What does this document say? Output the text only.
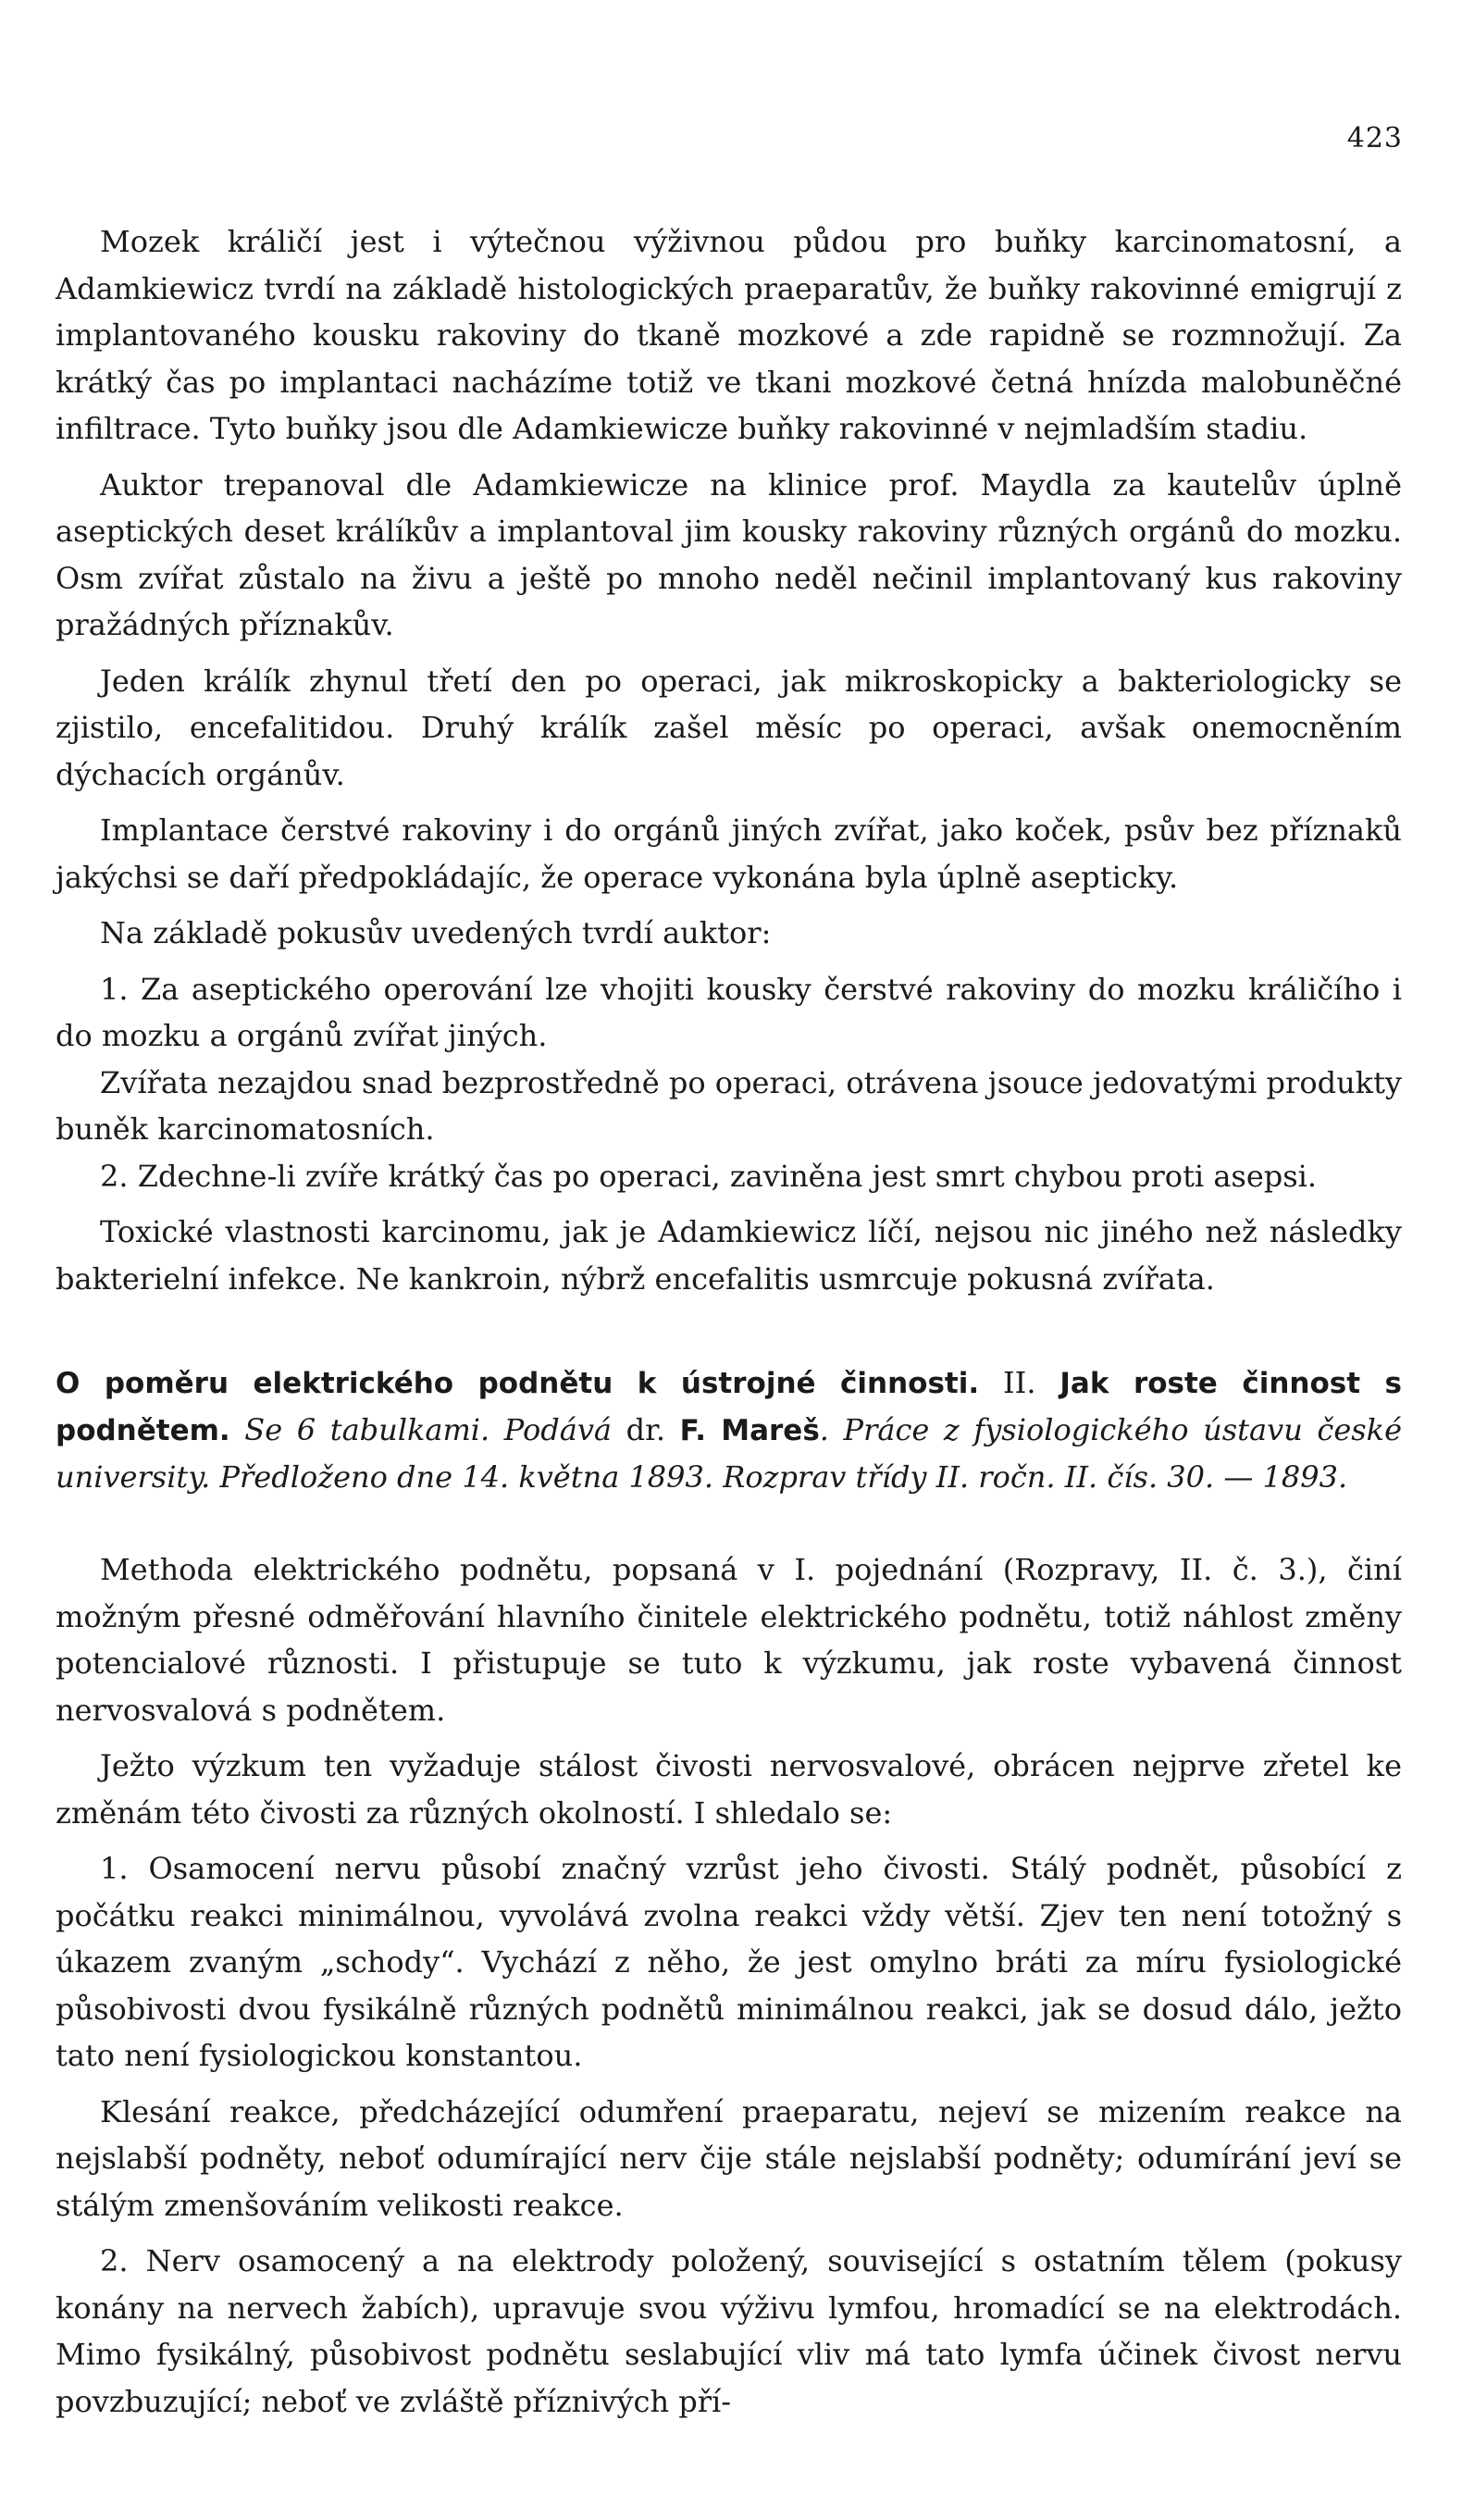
423

Mozek králičí jest i výtečnou výživnou půdou pro buňky karcinomatosní, a Adamkiewicz tvrdí na základě histologických praeparatův, že buňky rakovinné emigrují z implantovaného kousku rakoviny do tkaně mozkové a zde rapidně se rozmnožují. Za krátký čas po implantaci nacházíme totiž ve tkani mozkové četná hnízda malobuněčné infiltrace. Tyto buňky jsou dle Adamkiewicze buňky rakovinné v nejmladším stadiu.

Auktor trepanoval dle Adamkiewicze na klinice prof. Maydla za kautelův úplně aseptických deset králíkův a implantoval jim kousky rakoviny různých orgánů do mozku. Osm zvířat zůstalo na živu a ještě po mnoho neděl nečinil implantovaný kus rakoviny pražádných příznakův.

Jeden králík zhynul třetí den po operaci, jak mikroskopicky a bakteriologicky se zjistilo, encefalitidou. Druhý králík zašel měsíc po operaci, avšak onemocněním dýchacích orgánův.

Implantace čerstvé rakoviny i do orgánů jiných zvířat, jako koček, psův bez příznaků jakýchsi se daří předpokládajíc, že operace vykonána byla úplně asepticky.

Na základě pokusův uvedených tvrdí auktor:

1. Za aseptického operování lze vhojiti kousky čerstvé rakoviny do mozku králičího i do mozku a orgánů zvířat jiných.

Zvířata nezajdou snad bezprostředně po operaci, otrávena jsouce jedovatými produkty buněk karcinomatosních.

2. Zdechne-li zvíře krátký čas po operaci, zaviněna jest smrt chybou proti asepsi.

Toxické vlastnosti karcinomu, jak je Adamkiewicz líčí, nejsou nic jiného než následky bakterielní infekce. Ne kankroin, nýbrž encefalitis usmrcuje pokusná zvířata.

O poměru elektrického podnětu k ústrojné činnosti. II. Jak roste činnost s podnětem. Se 6 tabulkami. Podává dr. F. Mareš. Práce z fysiologického ústavu české university. Předloženo dne 14. května 1893. Rozprav třídy II. ročn. II. čís. 30. — 1893.

Methoda elektrického podnětu, popsaná v I. pojednání (Rozpravy, II. č. 3.), činí možným přesné odměřování hlavního činitele elektrického podnětu, totiž náhlost změny potencialové různosti. I přistupuje se tuto k výzkumu, jak roste vybavená činnost nervosvalová s podnětem.

Ježto výzkum ten vyžaduje stálost čivosti nervosvalové, obrácen nejprve zřetel ke změnám této čivosti za různých okolností. I shledalo se:

1. Osamocení nervu působí značný vzrůst jeho čivosti. Stálý podnět, působící z počátku reakci minimálnou, vyvolává zvolna reakci vždy větší. Zjev ten není totožný s úkazem zvaným „schody“. Vychází z něho, že jest omylno bráti za míru fysiologické působivosti dvou fysikálně různých podnětů minimálnou reakci, jak se dosud dálo, ježto tato není fysiologickou konstantou.

Klesání reakce, předcházející odumření praeparatu, nejeví se mizením reakce na nejslabší podněty, neboť odumírající nerv čije stále nejslabší podněty; odumírání jeví se stálým zmenšováním velikosti reakce.

2. Nerv osamocený a na elektrody položený, související s ostatním tělem (pokusy konány na nervech žabích), upravuje svou výživu lymfou, hromadící se na elektrodách. Mimo fysikálný, působivost podnětu seslabující vliv má tato lymfa účinek čivost nervu povzbuzující; neboť ve zvláště příznivých pří-
